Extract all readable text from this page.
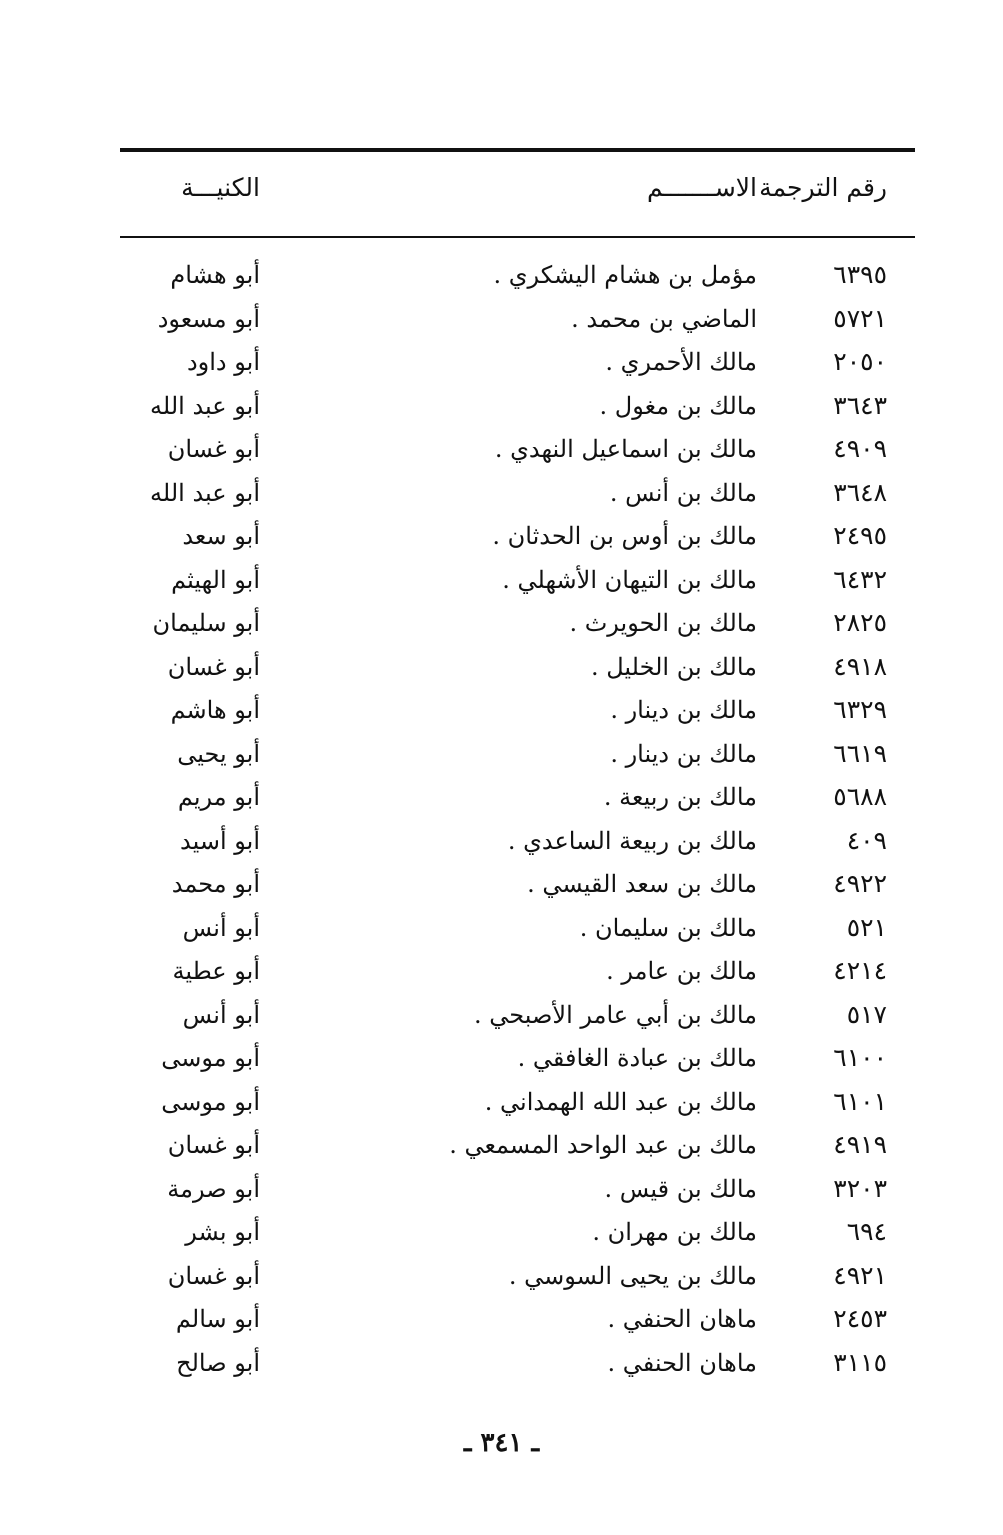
رقم الترجمة
الاســـــــم
الكنيـــة
٦٣٩٥
مؤمل بن هشام اليشكري .
أبو هشام
٥٧٢١
الماضي بن محمد .
أبو مسعود
٢٠٥٠
مالك الأحمري .
أبو داود
٣٦٤٣
مالك بن مغول .
أبو عبد الله
٤٩٠٩
مالك بن اسماعيل النهدي .
أبو غسان
٣٦٤٨
مالك بن أنس .
أبو عبد الله
٢٤٩٥
مالك بن أوس بن الحدثان .
أبو سعد
٦٤٣٢
مالك بن التيهان الأشهلي .
أبو الهيثم
٢٨٢٥
مالك بن الحويرث .
أبو سليمان
٤٩١٨
مالك بن الخليل .
أبو غسان
٦٣٢٩
مالك بن دينار .
أبو هاشم
٦٦١٩
مالك بن دينار .
أبو يحيى
٥٦٨٨
مالك بن ربيعة .
أبو مريم
٤٠٩
مالك بن ربيعة الساعدي .
أبو أسيد
٤٩٢٢
مالك بن سعد القيسي .
أبو محمد
٥٢١
مالك بن سليمان .
أبو أنس
٤٢١٤
مالك بن عامر .
أبو عطية
٥١٧
مالك بن أبي عامر الأصبحي .
أبو أنس
٦١٠٠
مالك بن عبادة الغافقي .
أبو موسى
٦١٠١
مالك بن عبد الله الهمداني .
أبو موسى
٤٩١٩
مالك بن عبد الواحد المسمعي .
أبو غسان
٣٢٠٣
مالك بن قيس .
أبو صرمة
٦٩٤
مالك بن مهران .
أبو بشر
٤٩٢١
مالك بن يحيى السوسي .
أبو غسان
٢٤٥٣
ماهان الحنفي .
أبو سالم
٣١١٥
ماهان الحنفي .
أبو صالح
ـ ٣٤١ ـ
